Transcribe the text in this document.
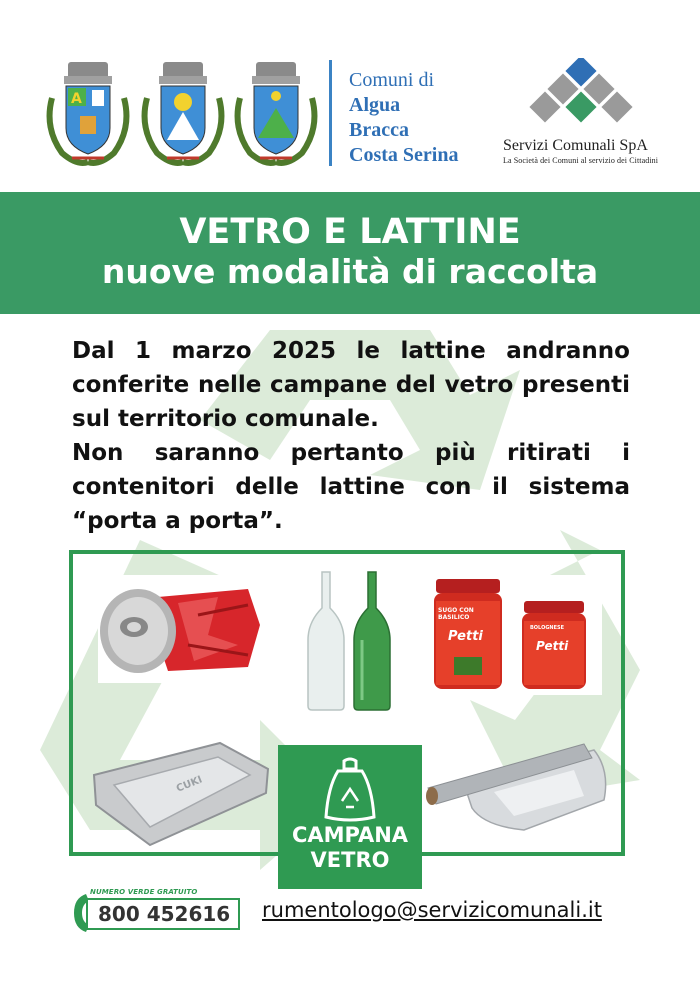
A
Comuni di
Algua
Bracca
Costa Serina	Servizi Comunali SpA
La Società dei Comuni al servizio dei Cittadini
VETRO E LATTINE
nuove modalità di raccolta

Dal 1 marzo 2025 le lattine andranno conferite nelle campane del vetro presenti sul territorio comunale.

Non saranno pertanto più ritirati i contenitori delle lattine con il sistema “porta a porta”.

SUGO CON BASILICO
Petti
BOLOGNESE
Petti
CUKI
CAMPANA
VETRO
NUMERO VERDE GRATUITO
800 452616	rumentologo@servizicomunali.it
